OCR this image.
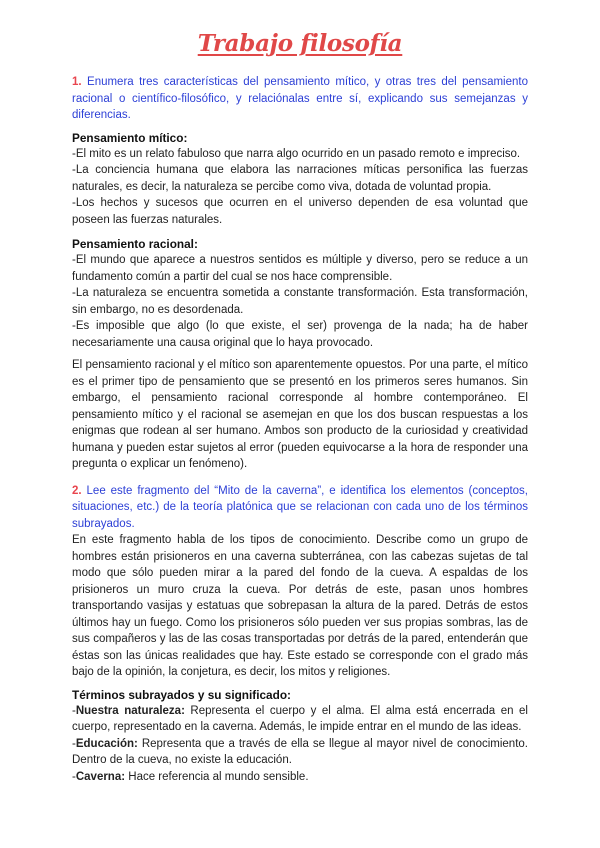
Trabajo filosofía

1. Enumera tres características del pensamiento mítico, y otras tres del pensamiento racional o científico-filosófico, y relaciónalas entre sí, explicando sus semejanzas y diferencias.

Pensamiento mítico:

-El mito es un relato fabuloso que narra algo ocurrido en un pasado remoto e impreciso.

-La conciencia humana que elabora las narraciones míticas personifica las fuerzas naturales, es decir, la naturaleza se percibe como viva, dotada de voluntad propia.

-Los hechos y sucesos que ocurren en el universo dependen de esa voluntad que poseen las fuerzas naturales.

Pensamiento racional:

-El mundo que aparece a nuestros sentidos es múltiple y diverso, pero se reduce a un fundamento común a partir del cual se nos hace comprensible.

-La naturaleza se encuentra sometida a constante transformación. Esta transformación, sin embargo, no es desordenada.

-Es imposible que algo (lo que existe, el ser) provenga de la nada; ha de haber necesariamente una causa original que lo haya provocado.

El pensamiento racional y el mítico son aparentemente opuestos. Por una parte, el mítico es el primer tipo de pensamiento que se presentó en los primeros seres humanos. Sin embargo, el pensamiento racional corresponde al hombre contemporáneo. El pensamiento mítico y el racional se asemejan en que los dos buscan respuestas a los enigmas que rodean al ser humano. Ambos son producto de la curiosidad y creatividad humana y pueden estar sujetos al error (pueden equivocarse a la hora de responder una pregunta o explicar un fenómeno).

2. Lee este fragmento del “Mito de la caverna”, e identifica los elementos (conceptos, situaciones, etc.) de la teoría platónica que se relacionan con cada uno de los términos subrayados.

En este fragmento habla de los tipos de conocimiento. Describe como un grupo de hombres están prisioneros en una caverna subterránea, con las cabezas sujetas de tal modo que sólo pueden mirar a la pared del fondo de la cueva. A espaldas de los prisioneros un muro cruza la cueva. Por detrás de este, pasan unos hombres transportando vasijas y estatuas que sobrepasan la altura de la pared. Detrás de estos últimos hay un fuego. Como los prisioneros sólo pueden ver sus propias sombras, las de sus compañeros y las de las cosas transportadas por detrás de la pared, entenderán que éstas son las únicas realidades que hay. Este estado se corresponde con el grado más bajo de la opinión, la conjetura, es decir, los mitos y religiones.

Términos subrayados y su significado:

-Nuestra naturaleza: Representa el cuerpo y el alma. El alma está encerrada en el cuerpo, representado en la caverna. Además, le impide entrar en el mundo de las ideas.

-Educación: Representa que a través de ella se llegue al mayor nivel de conocimiento. Dentro de la cueva, no existe la educación.

-Caverna: Hace referencia al mundo sensible.
